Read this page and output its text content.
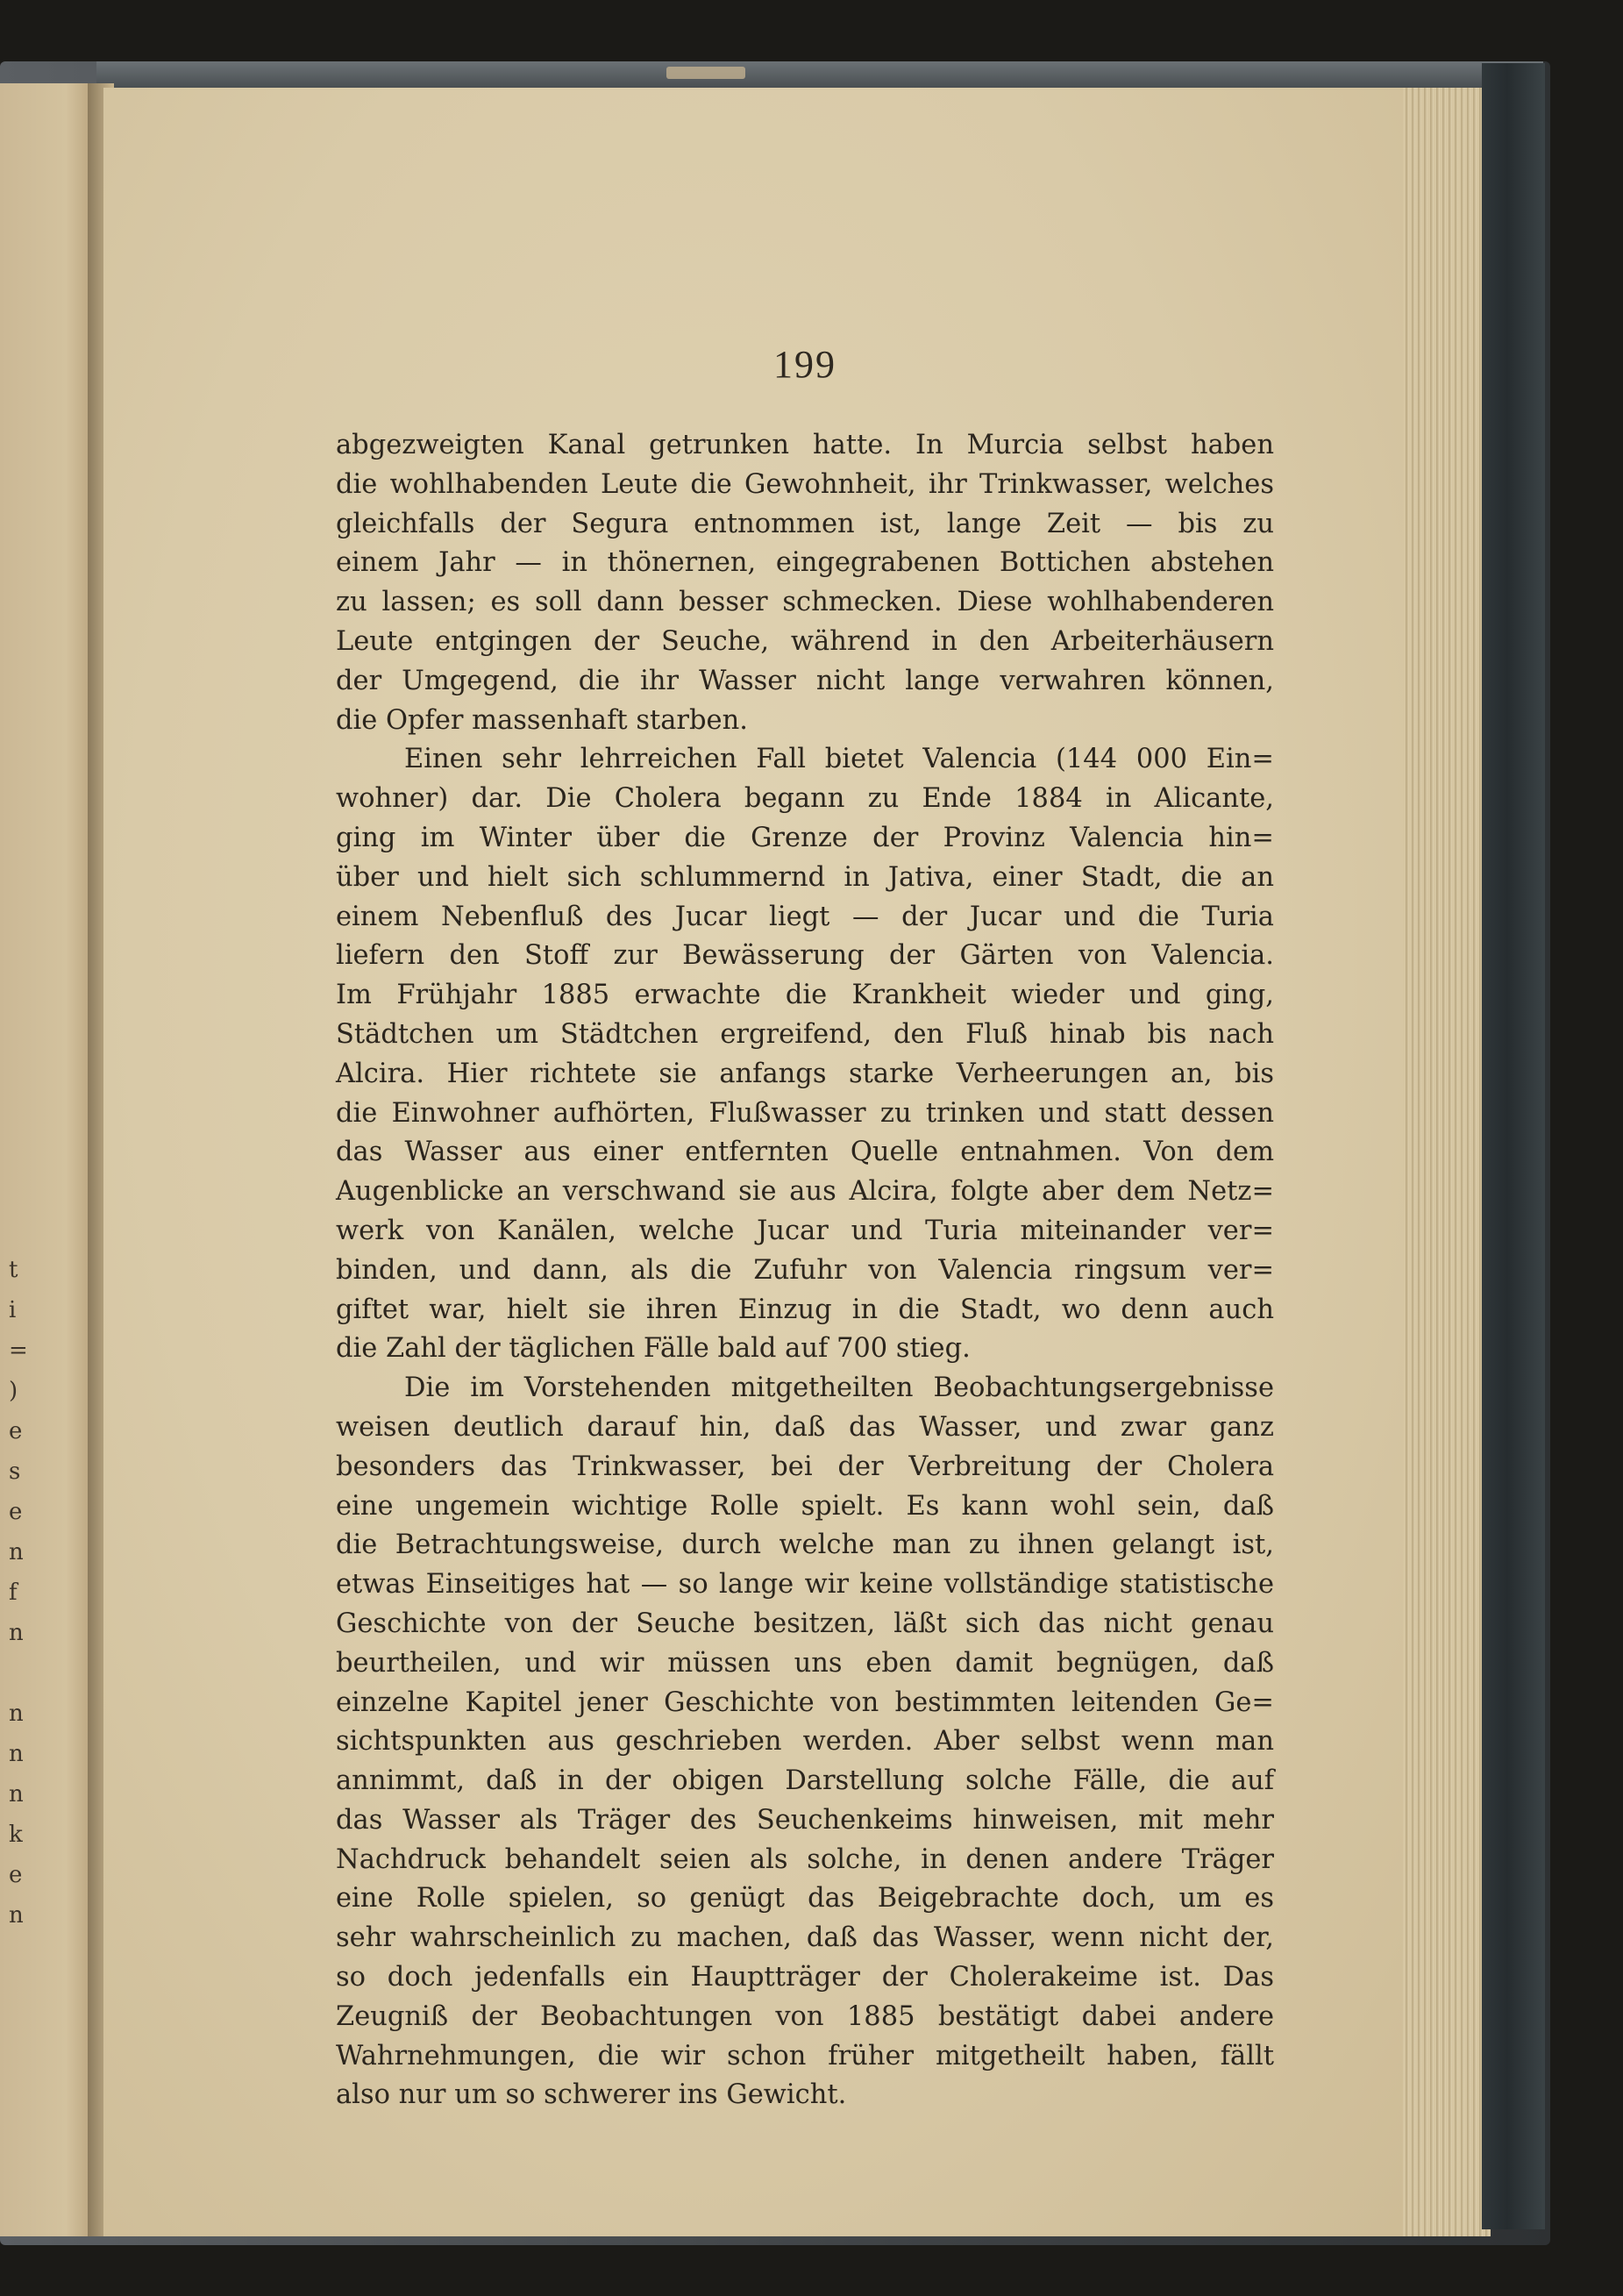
t
i
=
)
e
s
e
n
f
n
n
n
n
k
e
n
199
abgezweigten Kanal getrunken hatte. In Murcia selbst haben
die wohlhabenden Leute die Gewohnheit, ihr Trinkwasser, welches
gleichfalls der Segura entnommen ist, lange Zeit — bis zu
einem Jahr — in thönernen, eingegrabenen Bottichen abstehen
zu lassen; es soll dann besser schmecken. Diese wohlhabenderen
Leute entgingen der Seuche, während in den Arbeiterhäusern
der Umgegend, die ihr Wasser nicht lange verwahren können,
die Opfer massenhaft starben.
Einen sehr lehrreichen Fall bietet Valencia (144 000 Ein=
wohner) dar. Die Cholera begann zu Ende 1884 in Alicante,
ging im Winter über die Grenze der Provinz Valencia hin=
über und hielt sich schlummernd in Jativa, einer Stadt, die an
einem Nebenfluß des Jucar liegt — der Jucar und die Turia
liefern den Stoff zur Bewässerung der Gärten von Valencia.
Im Frühjahr 1885 erwachte die Krankheit wieder und ging,
Städtchen um Städtchen ergreifend, den Fluß hinab bis nach
Alcira. Hier richtete sie anfangs starke Verheerungen an, bis
die Einwohner aufhörten, Flußwasser zu trinken und statt dessen
das Wasser aus einer entfernten Quelle entnahmen. Von dem
Augenblicke an verschwand sie aus Alcira, folgte aber dem Netz=
werk von Kanälen, welche Jucar und Turia miteinander ver=
binden, und dann, als die Zufuhr von Valencia ringsum ver=
giftet war, hielt sie ihren Einzug in die Stadt, wo denn auch
die Zahl der täglichen Fälle bald auf 700 stieg.
Die im Vorstehenden mitgetheilten Beobachtungsergebnisse
weisen deutlich darauf hin, daß das Wasser, und zwar ganz
besonders das Trinkwasser, bei der Verbreitung der Cholera
eine ungemein wichtige Rolle spielt. Es kann wohl sein, daß
die Betrachtungsweise, durch welche man zu ihnen gelangt ist,
etwas Einseitiges hat — so lange wir keine vollständige statistische
Geschichte von der Seuche besitzen, läßt sich das nicht genau
beurtheilen, und wir müssen uns eben damit begnügen, daß
einzelne Kapitel jener Geschichte von bestimmten leitenden Ge=
sichtspunkten aus geschrieben werden. Aber selbst wenn man
annimmt, daß in der obigen Darstellung solche Fälle, die auf
das Wasser als Träger des Seuchenkeims hinweisen, mit mehr
Nachdruck behandelt seien als solche, in denen andere Träger
eine Rolle spielen, so genügt das Beigebrachte doch, um es
sehr wahrscheinlich zu machen, daß das Wasser, wenn nicht der,
so doch jedenfalls ein Hauptträger der Cholerakeime ist. Das
Zeugniß der Beobachtungen von 1885 bestätigt dabei andere
Wahrnehmungen, die wir schon früher mitgetheilt haben, fällt
also nur um so schwerer ins Gewicht.
